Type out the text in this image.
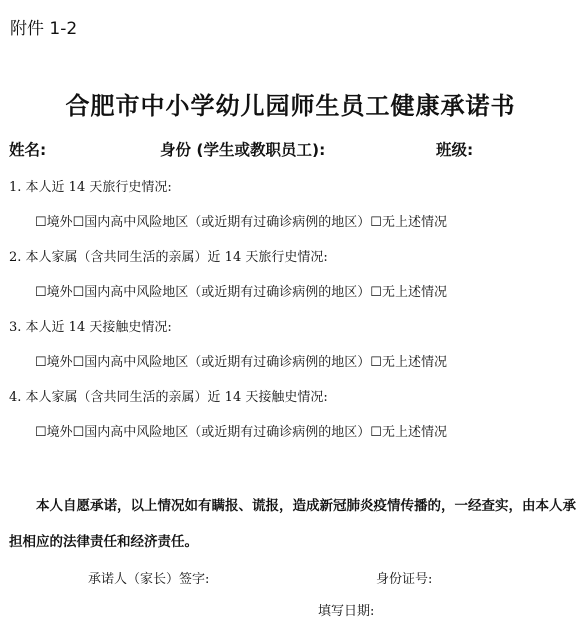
附件 1-2
合肥市中小学幼儿园师生员工健康承诺书
姓名:	身份 (学生或教职员工):	班级:
1. 本人近 14 天旅行史情况:
☐境外☐国内高中风险地区（或近期有过确诊病例的地区）☐无上述情况
2. 本人家属（含共同生活的亲属）近 14 天旅行史情况:
☐境外☐国内高中风险地区（或近期有过确诊病例的地区）☐无上述情况
3. 本人近 14 天接触史情况:
☐境外☐国内高中风险地区（或近期有过确诊病例的地区）☐无上述情况
4. 本人家属（含共同生活的亲属）近 14 天接触史情况:
☐境外☐国内高中风险地区（或近期有过确诊病例的地区）☐无上述情况
本人自愿承诺，以上情况如有瞒报、谎报，造成新冠肺炎疫情传播的，一经查实，由本人承
担相应的法律责任和经济责任。
承诺人（家长）签字:	身份证号:
填写日期:
